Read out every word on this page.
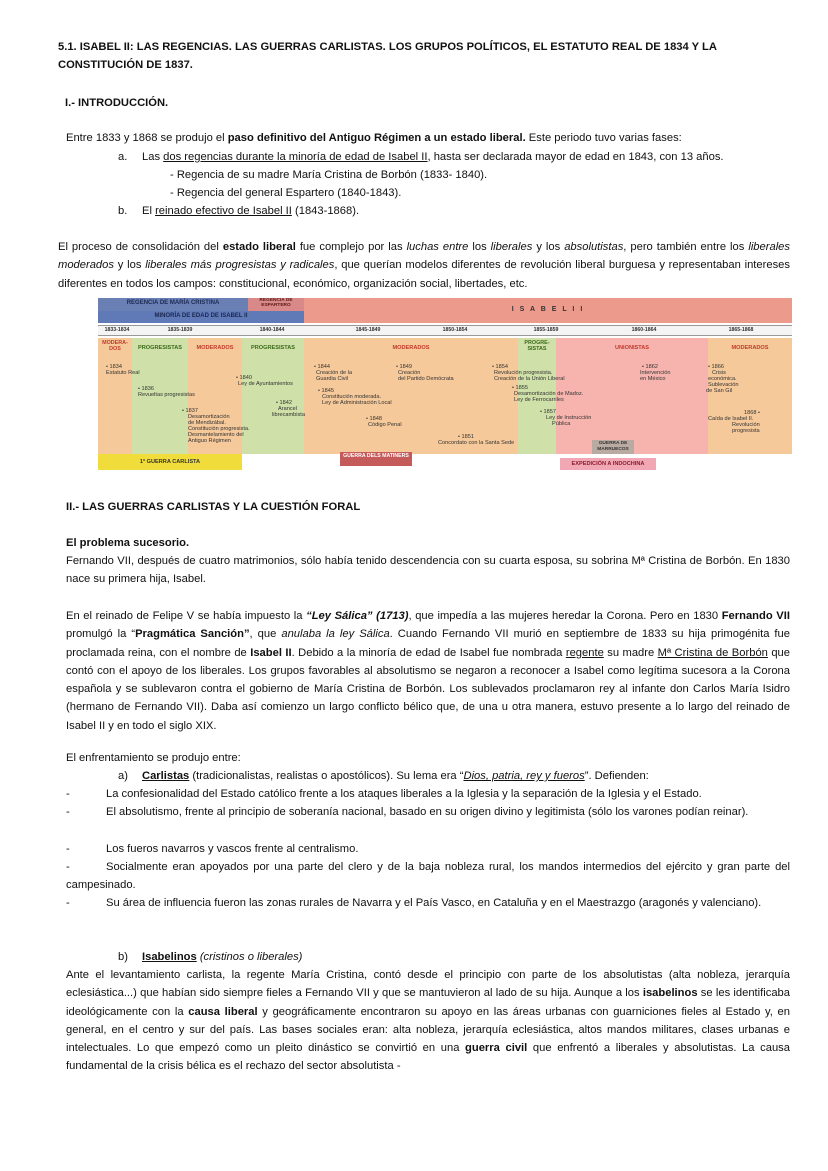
5.1. ISABEL II: LAS REGENCIAS. LAS GUERRAS CARLISTAS. LOS GRUPOS POLÍTICOS, EL ESTATUTO REAL DE 1834 Y LA CONSTITUCIÓN DE 1837.
I.- INTRODUCCIÓN.
Entre 1833 y 1868 se produjo el paso definitivo del Antiguo Régimen a un estado liberal. Este periodo tuvo varias fases:
a.	Las dos regencias durante la minoría de edad de Isabel II, hasta ser declarada mayor de edad en 1843, con 13 años.
- Regencia de su madre María Cristina de Borbón (1833- 1840).
- Regencia del general Espartero (1840-1843).
b.	El reinado efectivo de Isabel II (1843-1868).
El proceso de consolidación del estado liberal fue complejo por las luchas entre los liberales y los absolutistas, pero también entre los liberales moderados y los liberales más progresistas y radicales, que querían modelos diferentes de revolución liberal burguesa y representaban intereses diferentes en todos los campos: constitucional, económico, organización social, libertades, etc.
REGENCIA DE MARÍA CRISTINA	REGENCIA DE ESPARTERO
MINORÍA DE EDAD DE ISABEL II
I S A B E L I I
1833-1834	1835-1839	1840-1844	1845-1849	1850-1854	1855-1859	1860-1864	1865-1868
MODERA-DOS	PROGRESISTAS	MODERADOS	PROGRESISTAS	MODERADOS
PROGRE-SISTAS	UNIONISTAS	MODERADOS
• 1834
Estatuto Real
• 1836
Revueltas progresistas
• 1837
Desamortización
de Mendizábal.
Constitución progresista.
Desmantelamiento del
Antiguo Régimen
• 1840
Ley de Ayuntamientos
• 1842
Arancel
librecambista
• 1844
Creación de la
Guardia Civil
• 1845
Constitución moderada.
Ley de Administración Local
• 1848
Código Penal
• 1849
Creación
del Partido Demócrata
• 1851
Concordato con la Santa Sede
• 1854
Revolución progresista.
Creación de la Unión Liberal
• 1855
Desamortización de Madoz.
Ley de Ferrocarriles
• 1857
Ley de Instrucción
Pública
• 1862
Intervención
en México
• 1866
Crisis
económica.
Sublevación
de San Gil
1868 •
Caída de Isabel II.
Revolución
progresista
1ª GUERRA CARLISTA
GUERRA DELS MATINERS
GUERRA DE MARRUECOS
EXPEDICIÓN A INDOCHINA
II.- LAS GUERRAS CARLISTAS Y LA CUESTIÓN FORAL
El problema sucesorio.
Fernando VII, después de cuatro matrimonios, sólo había tenido descendencia con su cuarta esposa, su sobrina Mª Cristina de Borbón. En 1830 nace su primera hija, Isabel.
En el reinado de Felipe V se había impuesto la “Ley Sálica” (1713), que impedía a las mujeres heredar la Corona. Pero en 1830 Fernando VII promulgó la “Pragmática Sanción”, que anulaba la ley Sálica. Cuando Fernando VII murió en septiembre de 1833 su hija primogénita fue proclamada reina, con el nombre de Isabel II. Debido a la minoría de edad de Isabel fue nombrada regente su madre Mª Cristina de Borbón que contó con el apoyo de los liberales. Los grupos favorables al absolutismo se negaron a reconocer a Isabel como legítima sucesora a la Corona española y se sublevaron contra el gobierno de María Cristina de Borbón. Los sublevados proclamaron rey al infante don Carlos María Isidro (hermano de Fernando VII). Daba así comienzo un largo conflicto bélico que, de una u otra manera, estuvo presente a lo largo del reinado de Isabel II y en todo el siglo XIX.
El enfrentamiento se produjo entre:
a)	Carlistas (tradicionalistas, realistas o apostólicos). Su lema era “Dios, patria, rey y fueros”. Defienden:
-	La confesionalidad del Estado católico frente a los ataques liberales a la Iglesia y la separación de la Iglesia y el Estado.
-	El absolutismo, frente al principio de soberanía nacional, basado en su origen divino y legitimista (sólo los varones podían reinar).
-	Los fueros navarros y vascos frente al centralismo.
-	Socialmente eran apoyados por una parte del clero y de la baja nobleza rural, los mandos intermedios del ejército y gran parte del campesinado.
-	Su área de influencia fueron las zonas rurales de Navarra y el País Vasco, en Cataluña y en el Maestrazgo (aragonés y valenciano).
b)	Isabelinos (cristinos o liberales)
Ante el levantamiento carlista, la regente María Cristina, contó desde el principio con parte de los absolutistas (alta nobleza, jerarquía eclesiástica...) que habían sido siempre fieles a Fernando VII y que se mantuvieron al lado de su hija. Aunque a los isabelinos se les identificaba ideológicamente con la causa liberal y geográficamente encontraron su apoyo en las áreas urbanas con guarniciones fieles al Estado y, en general, en el centro y sur del país. Las bases sociales eran: alta nobleza, jerarquía eclesiástica, altos mandos militares, clases urbanas e intelectuales. Lo que empezó como un pleito dinástico se convirtió en una guerra civil que enfrentó a liberales y absolutistas. La causa fundamental de la crisis bélica es el rechazo del sector absolutista -
